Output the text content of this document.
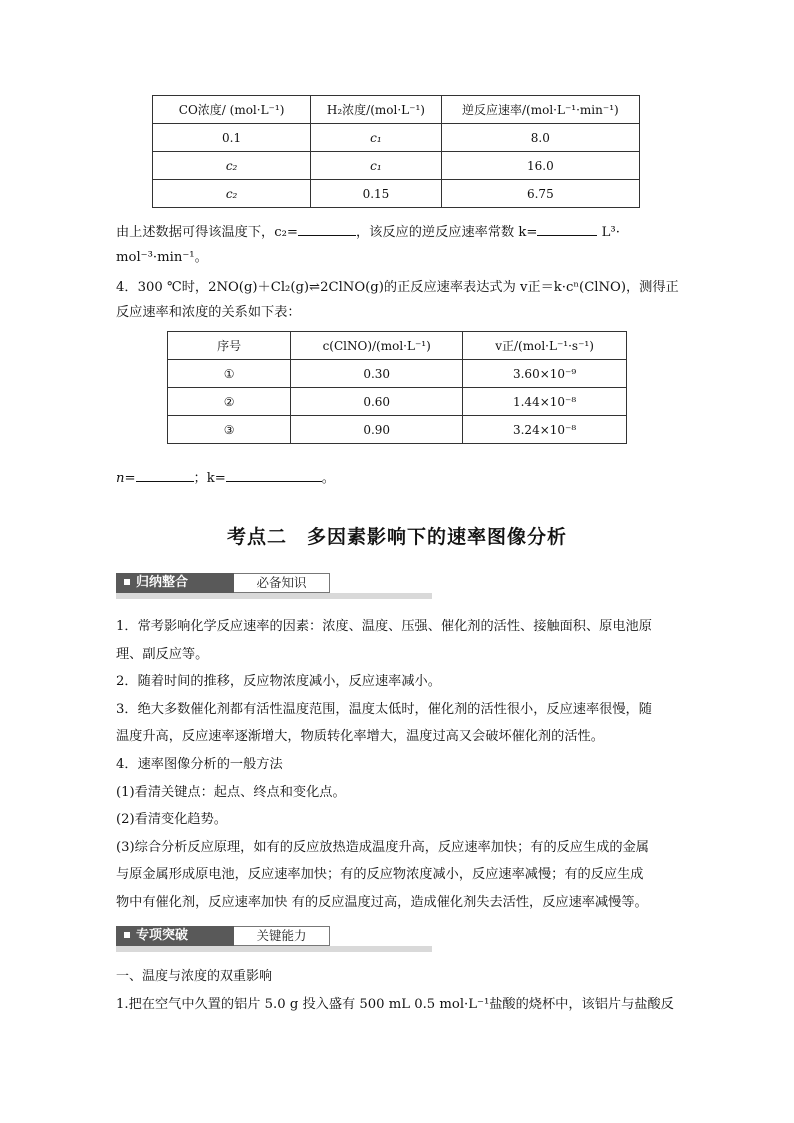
CO浓度/ (mol·L⁻¹)	H₂浓度/(mol·L⁻¹)	逆反应速率/(mol·L⁻¹·min⁻¹)
0.1	c₁	8.0
c₂	c₁	16.0
c₂	0.15	6.75
由上述数据可得该温度下，c₂=	，该反应的逆反应速率常数 k=	L³·
mol⁻³·min⁻¹。
4．300 ℃时，2NO(g)＋Cl₂(g)⇌2ClNO(g)的正反应速率表达式为 v正＝k·cⁿ(ClNO)，测得正
反应速率和浓度的关系如下表：
序号	c(ClNO)/(mol·L⁻¹)	v正/(mol·L⁻¹·s⁻¹)
①	0.30	3.60×10⁻⁹
②	0.60	1.44×10⁻⁸
③	0.90	3.24×10⁻⁸
n=	；k=	。
考点二　多因素影响下的速率图像分析
归纳整合	必备知识
1．常考影响化学反应速率的因素：浓度、温度、压强、催化剂的活性、接触面积、原电池原
理、副反应等。
2．随着时间的推移，反应物浓度减小，反应速率减小。
3．绝大多数催化剂都有活性温度范围，温度太低时，催化剂的活性很小，反应速率很慢，随
温度升高，反应速率逐渐增大，物质转化率增大，温度过高又会破坏催化剂的活性。
4．速率图像分析的一般方法
(1)看清关键点：起点、终点和变化点。
(2)看清变化趋势。
(3)综合分析反应原理，如有的反应放热造成温度升高，反应速率加快；有的反应生成的金属
与原金属形成原电池，反应速率加快；有的反应物浓度减小，反应速率减慢；有的反应生成
物中有催化剂，反应速率加快 有的反应温度过高，造成催化剂失去活性，反应速率减慢等。
专项突破	关键能力
一、温度与浓度的双重影响
1.把在空气中久置的铝片 5.0 g 投入盛有 500 mL 0.5 mol·L⁻¹盐酸的烧杯中，该铝片与盐酸反
